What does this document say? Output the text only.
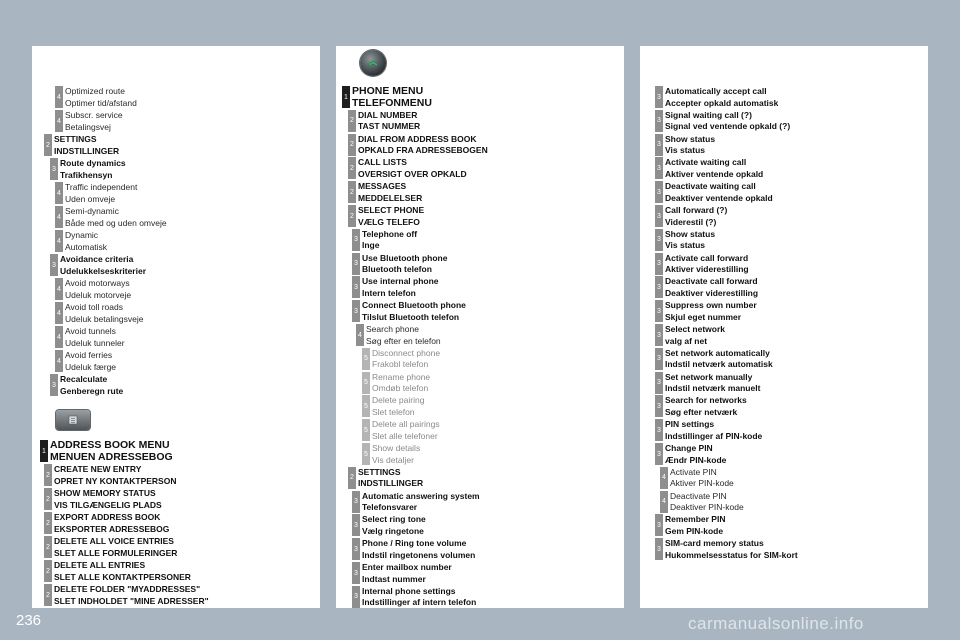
4
Optimized route
Optimer tid/afstand
4
Subscr. service
Betalingsvej
2
SETTINGS
INDSTILLINGER
3
Route dynamics
Trafikhensyn
4
Traffic independent
Uden omveje
4
Semi-dynamic
Både med og uden omveje
4
Dynamic
Automatisk
3
Avoidance criteria
Udelukkelseskriterier
4
Avoid motorways
Udeluk motorveje
4
Avoid toll roads
Udeluk betalingsveje
4
Avoid tunnels
Udeluk tunneler
4
Avoid ferries
Udeluk færge
3
Recalculate
Genberegn rute
1 ADDRESS BOOK MENU
MENUEN ADRESSEBOG
2
CREATE NEW ENTRY
OPRET NY KONTAKTPERSON
2
SHOW MEMORY STATUS
VIS TILGÆNGELIG PLADS
2
EXPORT ADDRESS BOOK
EKSPORTER ADRESSEBOG
2
DELETE ALL VOICE ENTRIES
SLET ALLE FORMULERINGER
2
DELETE ALL ENTRIES
SLET ALLE KONTAKTPERSONER
2
DELETE FOLDER "MYADDRESSES"
SLET INDHOLDET "MINE ADRESSER"
1 PHONE MENU
TELEFONMENU
2
DIAL NUMBER
TAST NUMMER
2
DIAL FROM ADDRESS BOOK
OPKALD FRA ADRESSEBOGEN
2
CALL LISTS
OVERSIGT OVER OPKALD
2
MESSAGES
MEDDELELSER
2
SELECT PHONE
VÆLG TELEFO
3
Telephone off
Inge
3
Use Bluetooth phone
Bluetooth telefon
3
Use internal phone
Intern telefon
3
Connect Bluetooth phone
Tilslut Bluetooth telefon
4
Search phone
Søg efter en telefon
5
Disconnect phone
Frakobl telefon
5
Rename phone
Omdøb telefon
5
Delete pairing
Slet telefon
5
Delete all pairings
Slet alle telefoner
5
Show details
Vis detaljer
2
SETTINGS
INDSTILLINGER
3
Automatic answering system
Telefonsvarer
3
Select ring tone
Vælg ringetone
3
Phone / Ring tone volume
Indstil ringetonens volumen
3
Enter mailbox number
Indtast nummer
3
Internal phone settings
Indstillinger af intern telefon
3
Automatically accept call
Accepter opkald automatisk
3
Signal waiting call (?)
Signal ved ventende opkald (?)
3
Show status
Vis status
3
Activate waiting call
Aktiver ventende opkald
3
Deactivate waiting call
Deaktiver ventende opkald
3
Call forward (?)
Viderestil (?)
3
Show status
Vis status
3
Activate call forward
Aktiver viderestilling
3
Deactivate call forward
Deaktiver viderestilling
3
Suppress own number
Skjul eget nummer
3
Select network
valg af net
3
Set network automatically
Indstil netværk automatisk
3
Set network manually
Indstil netværk manuelt
3
Search for networks
Søg efter netværk
3
PIN settings
Indstillinger af PIN-kode
3
Change PIN
Ændr PIN-kode
4
Activate PIN
Aktiver PIN-kode
4
Deactivate PIN
Deaktiver PIN-kode
3
Remember PIN
Gem PIN-kode
3
SIM-card memory status
Hukommelsesstatus for SIM-kort
236	carmanualsonline.info
